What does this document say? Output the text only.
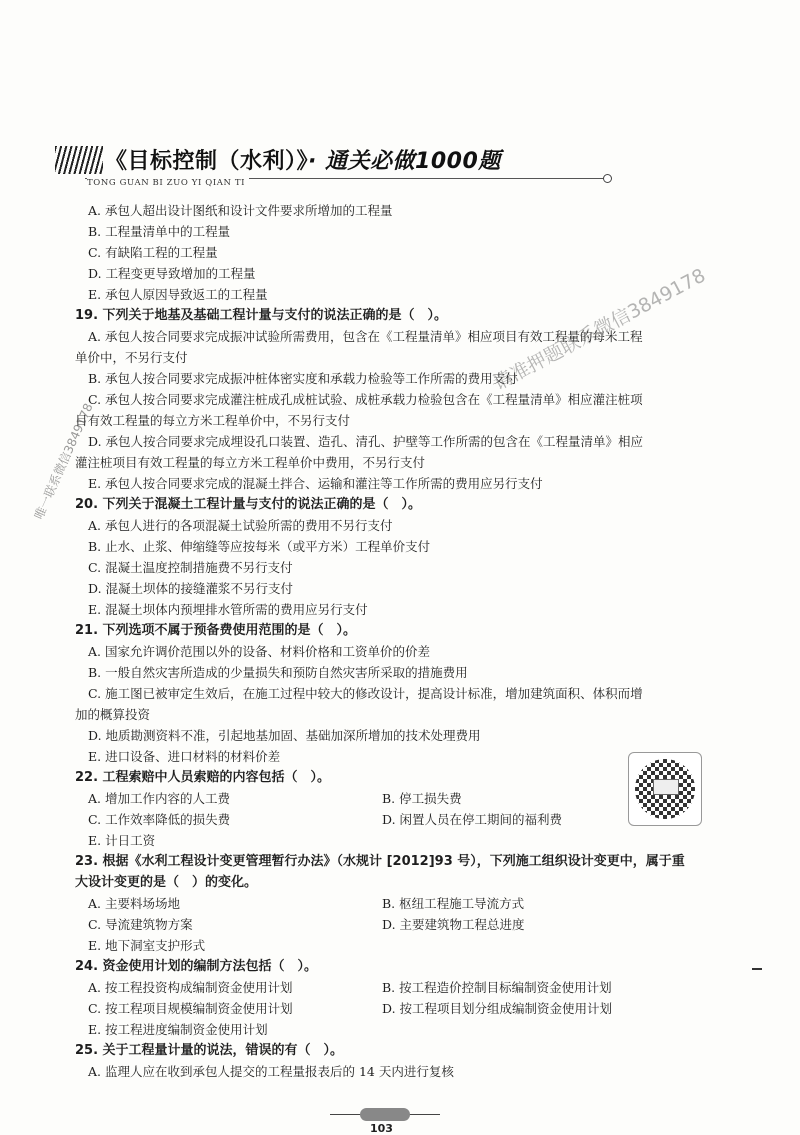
《目标控制（水利）》· 通关必做1000题
TONG GUAN BI ZUO YI QIAN TI
A. 承包人超出设计图纸和设计文件要求所增加的工程量
B. 工程量清单中的工程量
C. 有缺陷工程的工程量
D. 工程变更导致增加的工程量
E. 承包人原因导致返工的工程量
19. 下列关于地基及基础工程计量与支付的说法正确的是（　）。
A. 承包人按合同要求完成振冲试验所需费用，包含在《工程量清单》相应项目有效工程量的每米工程
单价中，不另行支付
B. 承包人按合同要求完成振冲桩体密实度和承载力检验等工作所需的费用支付
C. 承包人按合同要求完成灌注桩成孔成桩试验、成桩承载力检验包含在《工程量清单》相应灌注桩项
目有效工程量的每立方米工程单价中，不另行支付
D. 承包人按合同要求完成埋设孔口装置、造孔、清孔、护壁等工作所需的包含在《工程量清单》相应
灌注桩项目有效工程量的每立方米工程单价中费用，不另行支付
E. 承包人按合同要求完成的混凝土拌合、运输和灌注等工作所需的费用应另行支付
20. 下列关于混凝土工程计量与支付的说法正确的是（　）。
A. 承包人进行的各项混凝土试验所需的费用不另行支付
B. 止水、止浆、伸缩缝等应按每米（或平方米）工程单价支付
C. 混凝土温度控制措施费不另行支付
D. 混凝土坝体的接缝灌浆不另行支付
E. 混凝土坝体内预埋排水管所需的费用应另行支付
21. 下列选项不属于预备费使用范围的是（　）。
A. 国家允许调价范围以外的设备、材料价格和工资单价的价差
B. 一般自然灾害所造成的少量损失和预防自然灾害所采取的措施费用
C. 施工图已被审定生效后，在施工过程中较大的修改设计，提高设计标准，增加建筑面积、体积而增
加的概算投资
D. 地质勘测资料不准，引起地基加固、基础加深所增加的技术处理费用
E. 进口设备、进口材料的材料价差
22. 工程索赔中人员索赔的内容包括（　）。
A. 增加工作内容的人工费	B. 停工损失费
C. 工作效率降低的损失费	D. 闲置人员在停工期间的福利费
E. 计日工资
23. 根据《水利工程设计变更管理暂行办法》（水规计 [2012]93 号），下列施工组织设计变更中，属于重
大设计变更的是（　）的变化。
A. 主要料场场地	B. 枢纽工程施工导流方式
C. 导流建筑物方案	D. 主要建筑物工程总进度
E. 地下洞室支护形式
24. 资金使用计划的编制方法包括（　）。
A. 按工程投资构成编制资金使用计划	B. 按工程造价控制目标编制资金使用计划
C. 按工程项目规模编制资金使用计划	D. 按工程项目划分组成编制资金使用计划
E. 按工程进度编制资金使用计划
25. 关于工程量计量的说法，错误的有（　）。
A. 监理人应在收到承包人提交的工程量报表后的 14 天内进行复核
请准押题联系微信3849178
唯一联系微信3849178
103
